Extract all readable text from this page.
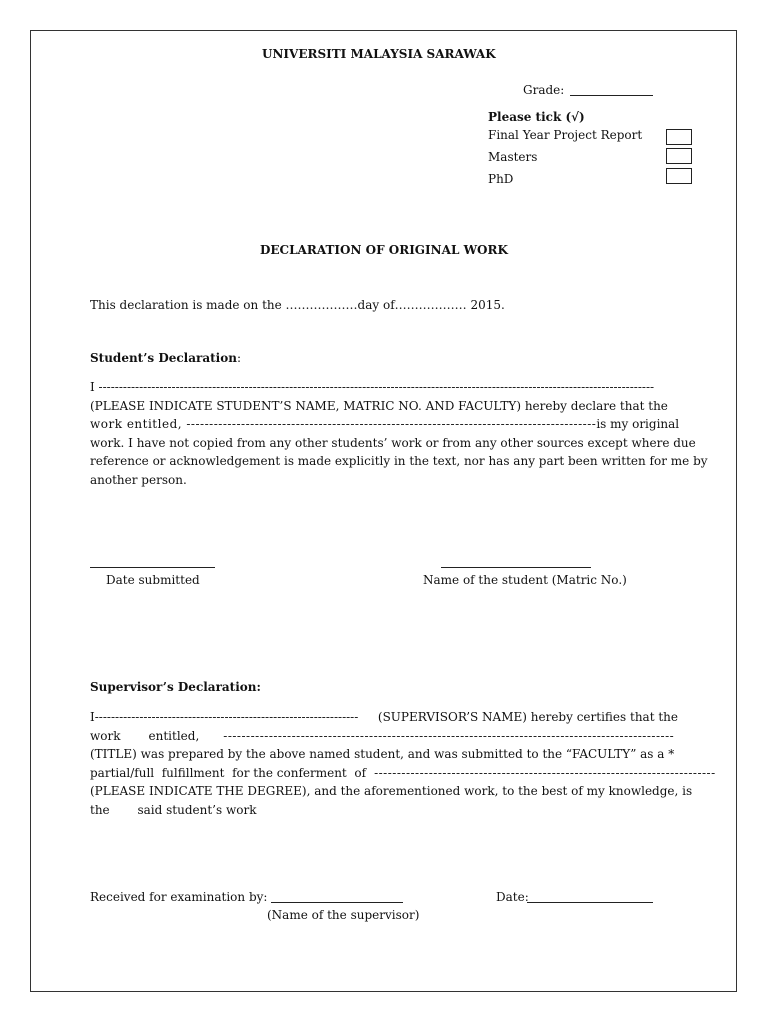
UNIVERSITI MALAYSIA SARAWAK
Grade:
Please tick (√)
Final Year Project Report
Masters
PhD
DECLARATION OF ORIGINAL WORK
This declaration is made on the ………………day of……………… 2015.
Student’s Declaration:
I -----------------------------------------------------------------------------------------------------------------------------------------
(PLEASE INDICATE STUDENT’S NAME, MATRIC NO. AND FACULTY) hereby declare that the
work entitled, ------------------------------------------------------------------------------------------ is my original
work. I have not copied from any other students’ work or from any other sources except where due
reference or acknowledgement is made explicitly in the text, nor has any part been written for me by
another person.
Date submitted	Name of the student (Matric No.)
Supervisor’s Declaration:
I----------------------------------------------------------------- (SUPERVISOR’S NAME) hereby certifies that the
work entitled, ---------------------------------------------------------------------------------------------------
(TITLE) was prepared by the above named student, and was submitted to the “FACULTY” as a *
partial/full  fulfillment  for the conferment  of ---------------------------------------------------------------------------
(PLEASE INDICATE THE DEGREE), and the aforementioned work, to the best of my knowledge, is
the said student’s work
Received for examination by:
(Name of the supervisor)
Date:
